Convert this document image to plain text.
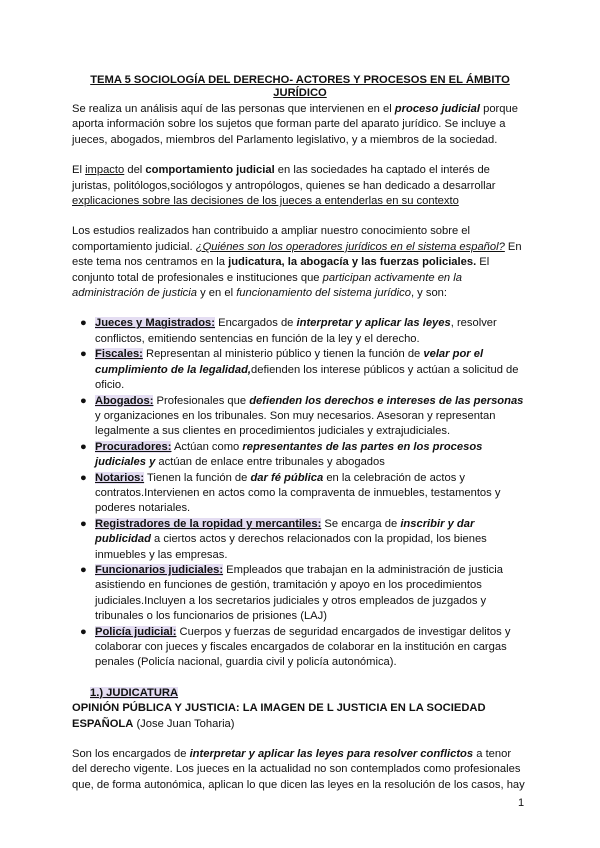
TEMA 5 SOCIOLOGÍA DEL DERECHO- ACTORES Y PROCESOS EN EL ÁMBITO JURÍDICO

Se realiza un análisis aquí de las personas que intervienen en el proceso judicial porque aporta información sobre los sujetos que forman parte del aparato jurídico. Se incluye a jueces, abogados, miembros del Parlamento legislativo, y a miembros de la sociedad.

El impacto del comportamiento judicial en las sociedades ha captado el interés de juristas, politólogos,sociólogos y antropólogos, quienes se han dedicado a desarrollar explicaciones sobre las decisiones de los jueces a entenderlas en su contexto

Los estudios realizados han contribuido a ampliar nuestro conocimiento sobre el comportamiento judicial. ¿Quiénes son los operadores jurídicos en el sistema español? En este tema nos centramos en la judicatura, la abogacía y las fuerzas policiales. El conjunto total de profesionales e instituciones que participan activamente en la administración de justicia y en el funcionamiento del sistema jurídico, y son:

● Jueces y Magistrados: Encargados de interpretar y aplicar las leyes, resolver conflictos, emitiendo sentencias en función de la ley y el derecho.
● Fiscales: Representan al ministerio público y tienen la función de velar por el cumplimiento de la legalidad,defienden los interese públicos y actúan a solicitud de oficio.
● Abogados: Profesionales que defienden los derechos e intereses de las personas y organizaciones en los tribunales. Son muy necesarios. Asesoran y representan legalmente a sus clientes en procedimientos judiciales y extrajudiciales.
● Procuradores: Actúan como representantes de las partes en los procesos judiciales y actúan de enlace entre tribunales y abogados
● Notarios: Tienen la función de dar fé pública en la celebración de actos y contratos.Intervienen en actos como la compraventa de inmuebles, testamentos y poderes notariales.
● Registradores de la ropidad y mercantiles: Se encarga de inscribir y dar publicidad a ciertos actos y derechos relacionados con la propidad, los bienes inmuebles y las empresas.
● Funcionarios judiciales: Empleados que trabajan en la administración de justicia asistiendo en funciones de gestión, tramitación y apoyo en los procedimientos judiciales.Incluyen a los secretarios judiciales y otros empleados de juzgados y tribunales o los funcionarios de prisiones (LAJ)
● Policía judicial: Cuerpos y fuerzas de seguridad encargados de investigar delitos y colaborar con jueces y fiscales encargados de colaborar en la institución en cargas penales (Policía nacional, guardia civil y policía autonómica).

1.) JUDICATURA

OPINIÓN PÚBLICA Y JUSTICIA: LA IMAGEN DE L JUSTICIA EN LA SOCIEDAD ESPAÑOLA (Jose Juan Toharia)

Son los encargados de interpretar y aplicar las leyes para resolver conflictos a tenor del derecho vigente. Los jueces en la actualidad no son contemplados como profesionales que, de forma autonómica, aplican lo que dicen las leyes en la resolución de los casos, hay

1
